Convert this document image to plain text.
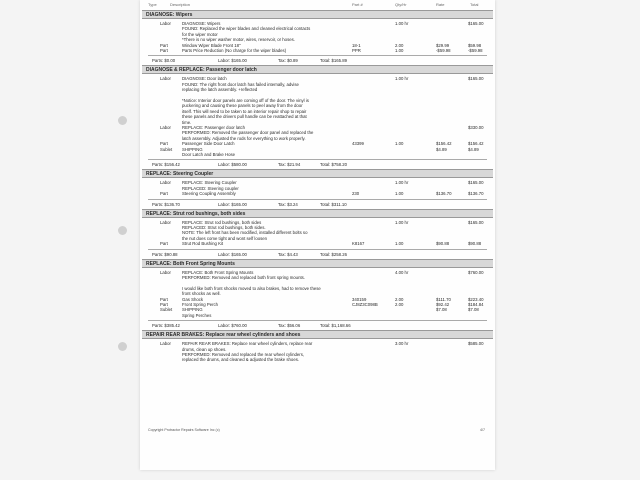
Type	Description	Part #	Qty/Hr	Rate	Total
DIAGNOSE: Wipers
Labor	DIAGNOSE: Wipers	1.00 hr	$165.00
FOUND: Replaced the wiper blades and cleaned electrical contacts
for the wiper motor
*There is no wiper washer motor, wires, reservoir, or hoses.
Part	Window Wiper Blade Front 18"	18-1	2.00	$29.99	$59.98
Part	Parts Price Reduction (No charge for the wiper blades)	PPR	1.00	-$59.98	-$59.98
Parts: $0.00	Labor: $165.00	Tax: $0.89	Total: $165.89
DIAGNOSE & REPLACE: Passenger door latch
Labor	DIAGNOSE: Door latch	1.00 hr	$165.00
FOUND: The right front door latch has failed internally, advise
replacing the latch assembly. +reflected
*Notice: Interior door panels are coming off of the door. The vinyl is
puckering and causing these panels to peel away from the door
itself. This will need to be taken to an interior repair shop to repair
these panels and the drivers pull handle can be reattached at that
time.
Labor	REPLACE: Passenger door latch	$330.00
PERFORMED: Removed the passenger door panel and replaced the
latch assembly. Adjusted the rods for everything to work properly.
Part	Passenger Side Door Latch	43399	1.00	$156.42	$156.42
Sublet SHIPPING	$4.89	$4.89
Door Latch and Brake Hose
Parts: $156.42	Labor: $580.00	Tax: $21.94	Total: $758.20
REPLACE: Steering Coupler
Labor	REPLACE: Steering Coupler	1.00 hr	$165.00
REPLACED: Steering coupler
Part	Steering Coupling Assembly	230	1.00	$136.70	$136.70
Parts: $136.70	Labor: $165.00	Tax: $3.24	Total: $311.10
REPLACE: Strut rod bushings, both sides
Labor	REPLACE: Strut rod bushings, both sides	1.00 hr	$165.00
REPLACED: Strut rod bushings, both sides.
NOTE: The left front has been modified, installed different bolts so
the nut does come tight and wont self loosen
Part	Strut Rod Bushing Kit	K8167	1.00	$90.88	$90.88
Parts: $90.88	Labor: $165.00	Tax: $4.43	Total: $258.26
REPLACE: Both Front Spring Mounts
Labor	REPLACE: Both Front Spring Mounts	4.00 hr	$760.00
PERFORMED: Removed and replaced both front spring mounts.
I would like both front shocks moved to also brakes, had to remove these
front shocks as well.
Part	Gas Shock	340159	2.00	$111.70	$223.40
Part	Front Spring Perch	CJ8Z3C098B	2.00	$92.42	$184.84
Sublet SHIPPING	$7.08	$7.08
Spring Perches
Parts: $385.42	Labor: $760.00	Tax: $56.06	Total: $1,168.66
REPAIR REAR BRAKES: Replace rear wheel cylinders and shoes
Labor	REPAIR REAR BRAKES: Replace rear wheel cylinders, replace rear	3.00 hr	$585.00
drums, clean up shoes.
PERFORMED: Removed and replaced the rear wheel cylinders,
replaced the drums, and cleaned & adjusted the brake shoes.
Copyright Protractor Repairs Software Inc (c)	4/7
